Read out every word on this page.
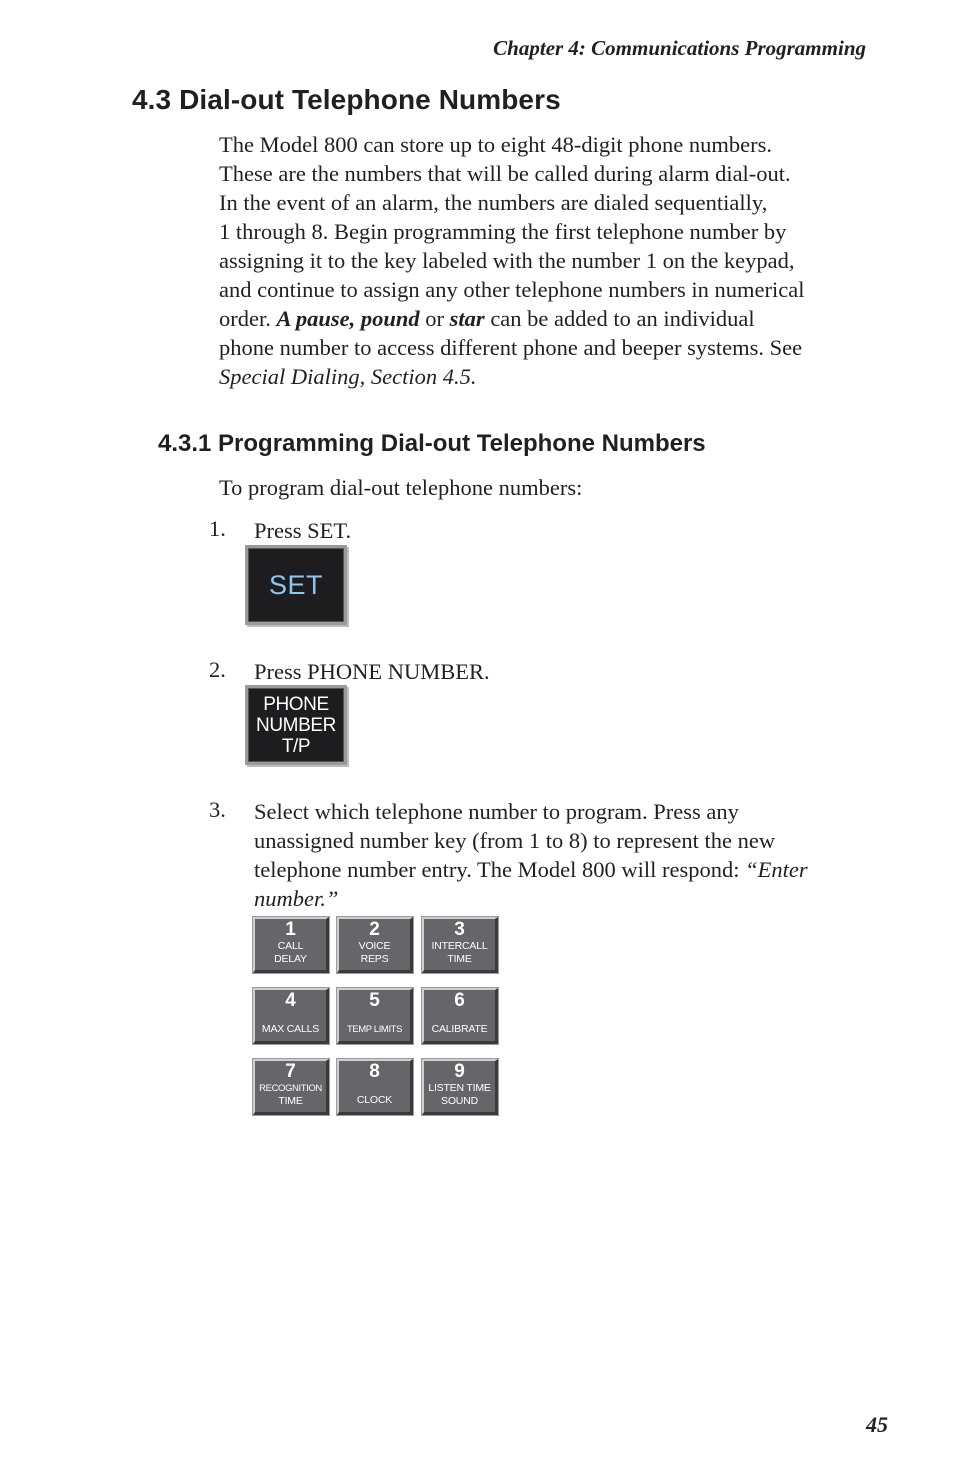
Chapter 4: Communications Programming
4.3 Dial-out Telephone Numbers

The Model 800 can store up to eight 48-digit phone numbers.
These are the numbers that will be called during alarm dial-out.
In the event of an alarm, the numbers are dialed sequentially,
1 through 8. Begin programming the first telephone number by
assigning it to the key labeled with the number 1 on the keypad,
and continue to assign any other telephone numbers in numerical
order. A pause, pound or star can be added to an individual
phone number to access different phone and beeper systems. See
Special Dialing, Section 4.5.

4.3.1 Programming Dial-out Telephone Numbers
To program dial-out telephone numbers:
1. Press SET.
SET
2. Press PHONE NUMBER.
PHONE
NUMBER
T/P
3. Select which telephone number to program. Press any
unassigned number key (from 1 to 8) to represent the new
telephone number entry. The Model 800 will respond: “Enter
number.”
1
CALL
DELAY
2
VOICE
REPS
3
INTERCALL
TIME
4
MAX CALLS
5
TEMP LIMITS
6
CALIBRATE
7
RECOGNITION
TIME
8
CLOCK
9
LISTEN TIME
SOUND
45
